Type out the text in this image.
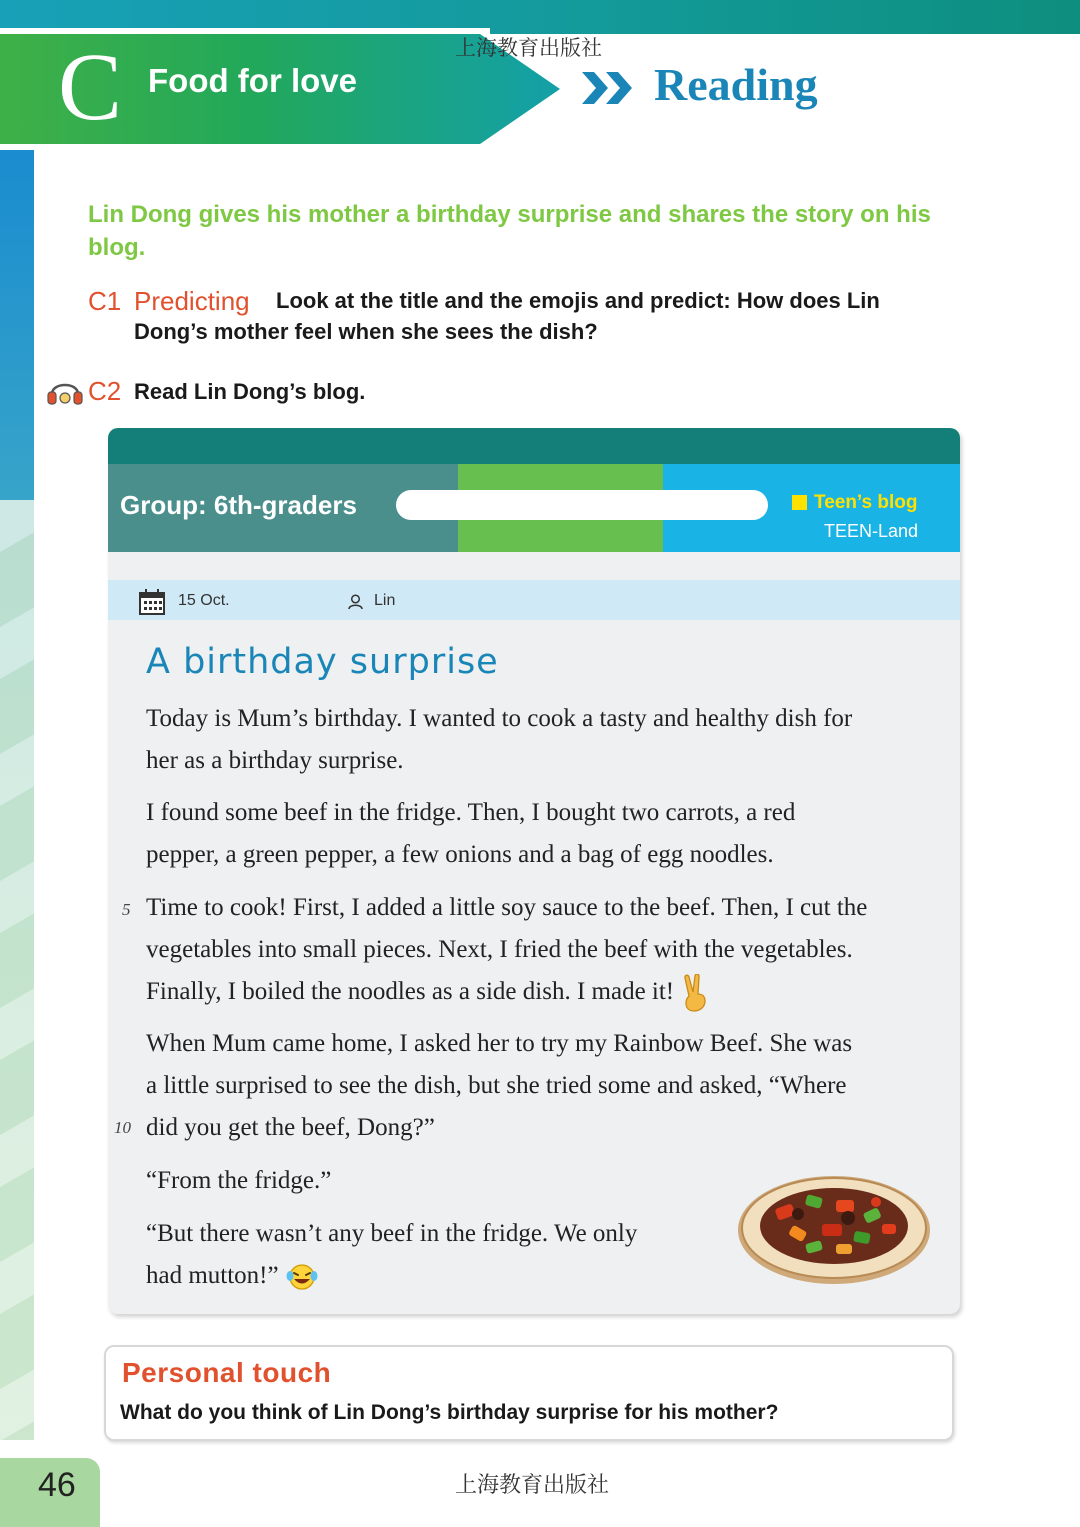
C Food for love
上海教育出版社
Reading
Lin Dong gives his mother a birthday surprise and shares the story on his blog.
C1 Predicting	Look at the title and the emojis and predict: How does Lin Dong’s mother feel when she sees the dish?
C2 Read Lin Dong’s blog.
Group: 6th-graders	Teen’s blog
TEEN-Land
15 Oct.	Lin
A birthday surprise
Today is Mum’s birthday. I wanted to cook a tasty and healthy dish for
her as a birthday surprise.
I found some beef in the fridge. Then, I bought two carrots, a red
pepper, a green pepper, a few onions and a bag of egg noodles.
5 Time to cook! First, I added a little soy sauce to the beef. Then, I cut the
vegetables into small pieces. Next, I fried the beef with the vegetables.
Finally, I boiled the noodles as a side dish. I made it!
10
When Mum came home, I asked her to try my Rainbow Beef. She was
a little surprised to see the dish, but she tried some and asked, “Where
did you get the beef, Dong?”
“From the fridge.”
“But there wasn’t any beef in the fridge. We only
had mutton!”
Personal touch
What do you think of Lin Dong’s birthday surprise for his mother?
46	上海教育出版社
